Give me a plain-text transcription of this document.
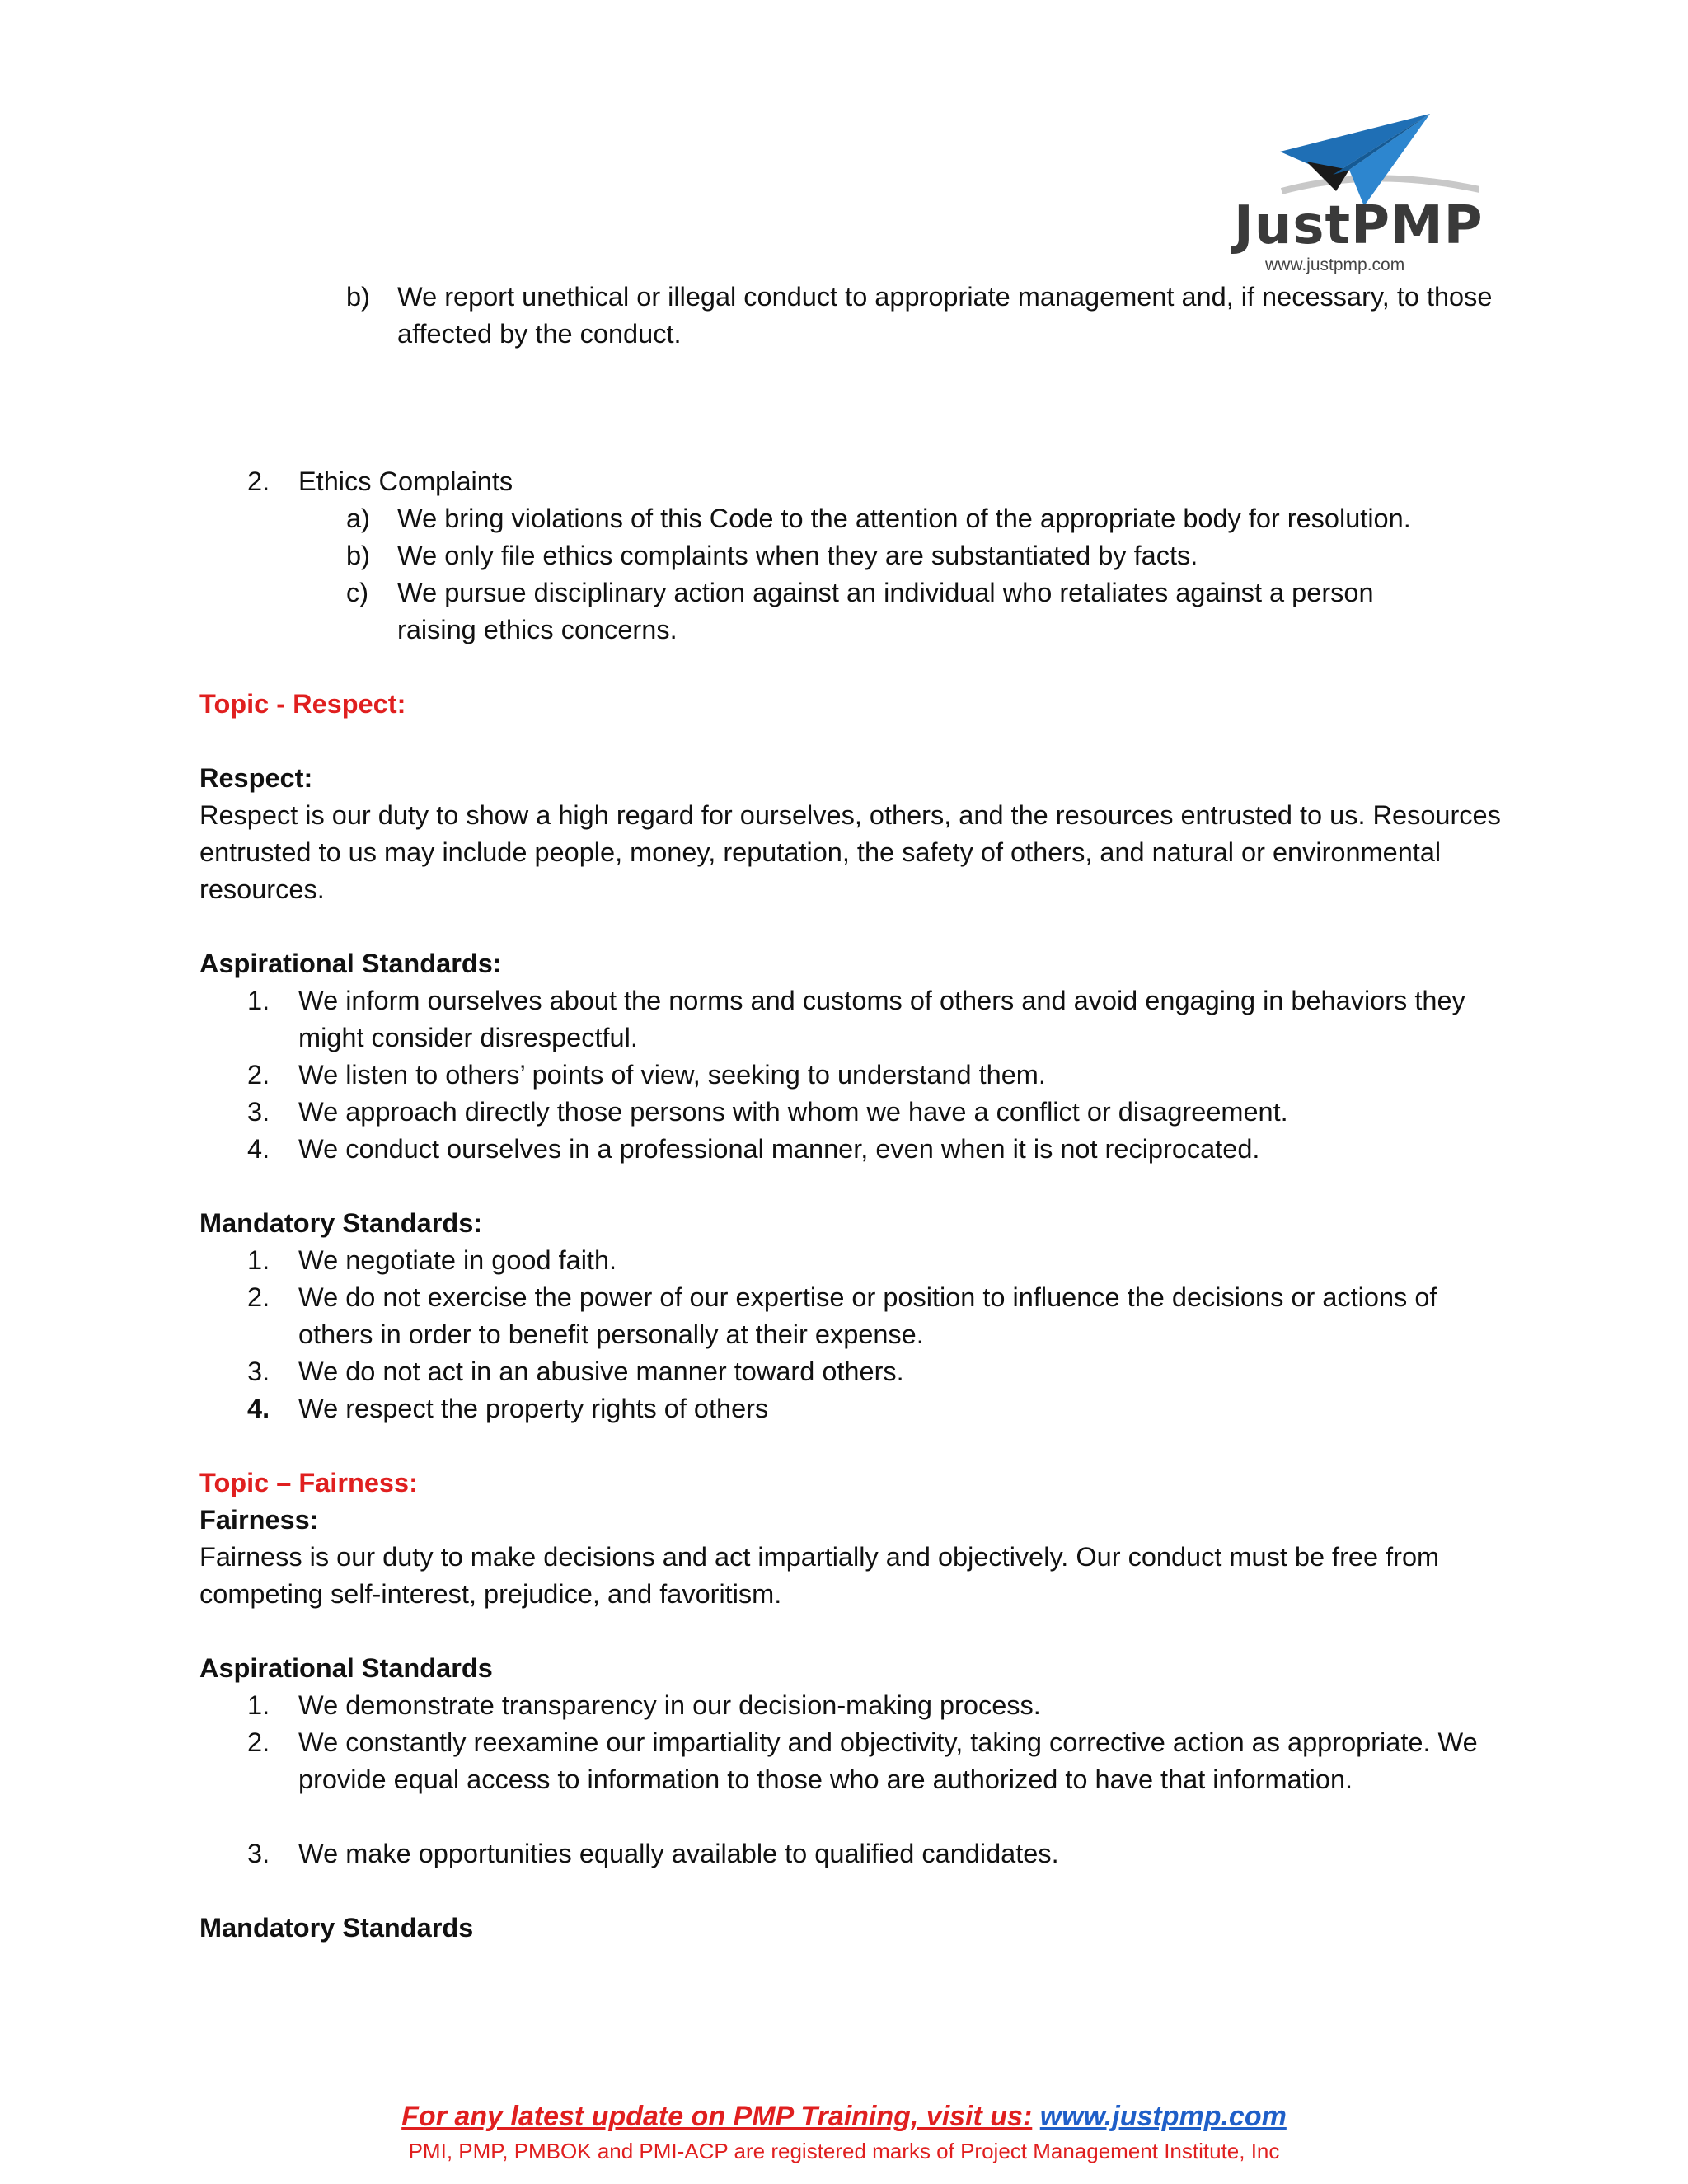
JustPMP
www.justpmp.com
b) We report unethical or illegal conduct to appropriate management and, if necessary, to those affected by the conduct.
2. Ethics Complaints
a) We bring violations of this Code to the attention of the appropriate body for resolution.
b) We only file ethics complaints when they are substantiated by facts.
c) We pursue disciplinary action against an individual who retaliates against a person raising ethics concerns.
Topic - Respect:
Respect:
Respect is our duty to show a high regard for ourselves, others, and the resources entrusted to us. Resources entrusted to us may include people, money, reputation, the safety of others, and natural or environmental resources.
Aspirational Standards:
1. We inform ourselves about the norms and customs of others and avoid engaging in behaviors they might consider disrespectful.
2. We listen to others’ points of view, seeking to understand them.
3. We approach directly those persons with whom we have a conflict or disagreement.
4. We conduct ourselves in a professional manner, even when it is not reciprocated.
Mandatory Standards:
1. We negotiate in good faith.
2. We do not exercise the power of our expertise or position to influence the decisions or actions of others in order to benefit personally at their expense.
3. We do not act in an abusive manner toward others.
4. We respect the property rights of others
Topic – Fairness:
Fairness:
Fairness is our duty to make decisions and act impartially and objectively. Our conduct must be free from competing self-interest, prejudice, and favoritism.
Aspirational Standards
1. We demonstrate transparency in our decision-making process.
2. We constantly reexamine our impartiality and objectivity, taking corrective action as appropriate. We provide equal access to information to those who are authorized to have that information.
3. We make opportunities equally available to qualified candidates.
Mandatory Standards
For any latest update on PMP Training, visit us: www.justpmp.com
PMI, PMP, PMBOK and PMI-ACP are registered marks of Project Management Institute, Inc
